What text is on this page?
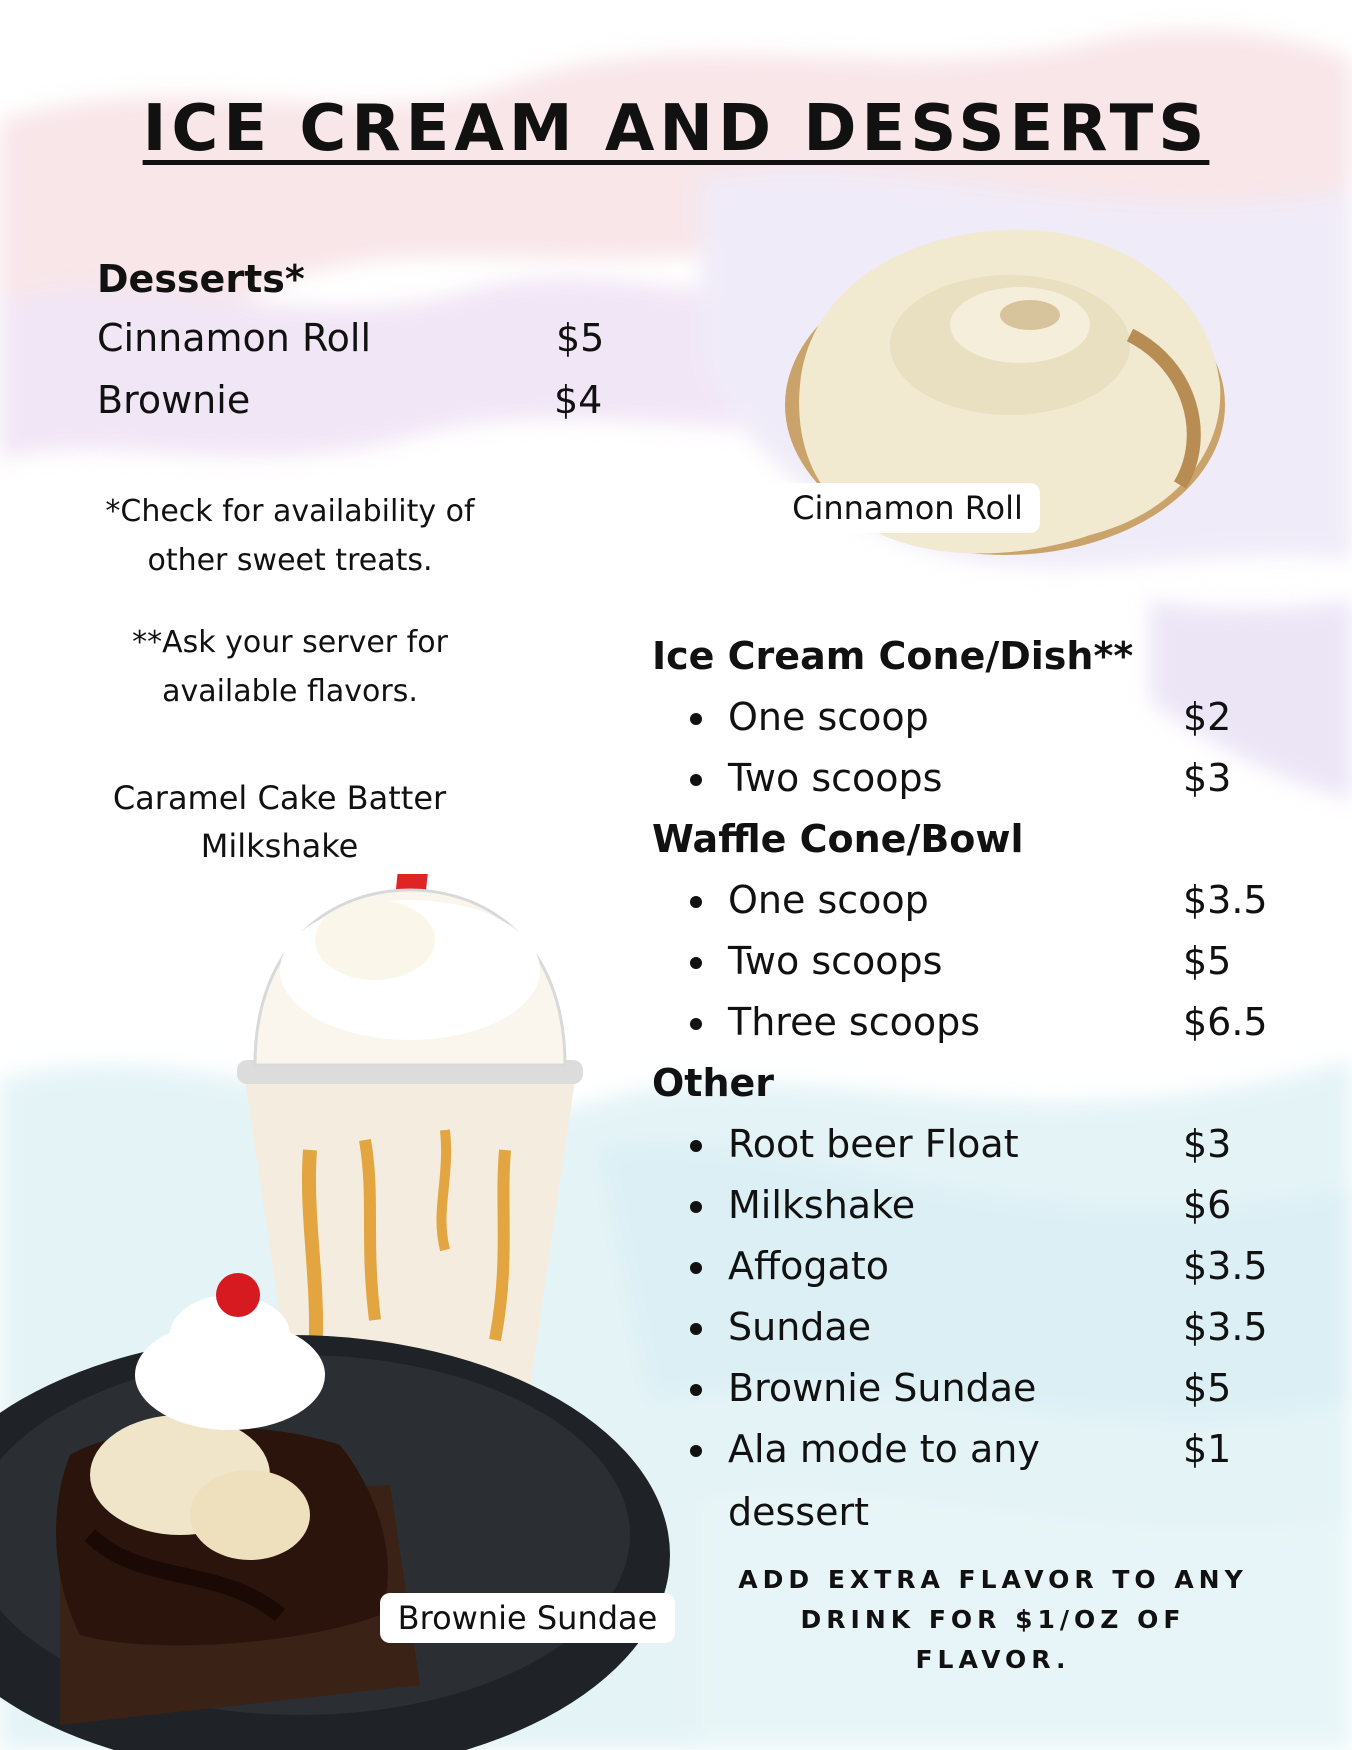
ICE CREAM AND DESSERTS
Desserts*
Cinnamon Roll	$5
Brownie	$4
*Check for availability of
other sweet treats.
**Ask your server for
available flavors.
Cinnamon Roll
Caramel Cake Batter
Milkshake
Brownie Sundae
Ice Cream Cone/Dish**
One scoop	$2
Two scoops	$3
Waffle Cone/Bowl
One scoop	$3.5
Two scoops	$5
Three scoops	$6.5
Other
Root beer Float	$3
Milkshake	$6
Affogato	$3.5
Sundae	$3.5
Brownie Sundae	$5
Ala mode to any	$1
dessert
ADD EXTRA FLAVOR TO ANY
DRINK FOR $1/OZ OF FLAVOR.
